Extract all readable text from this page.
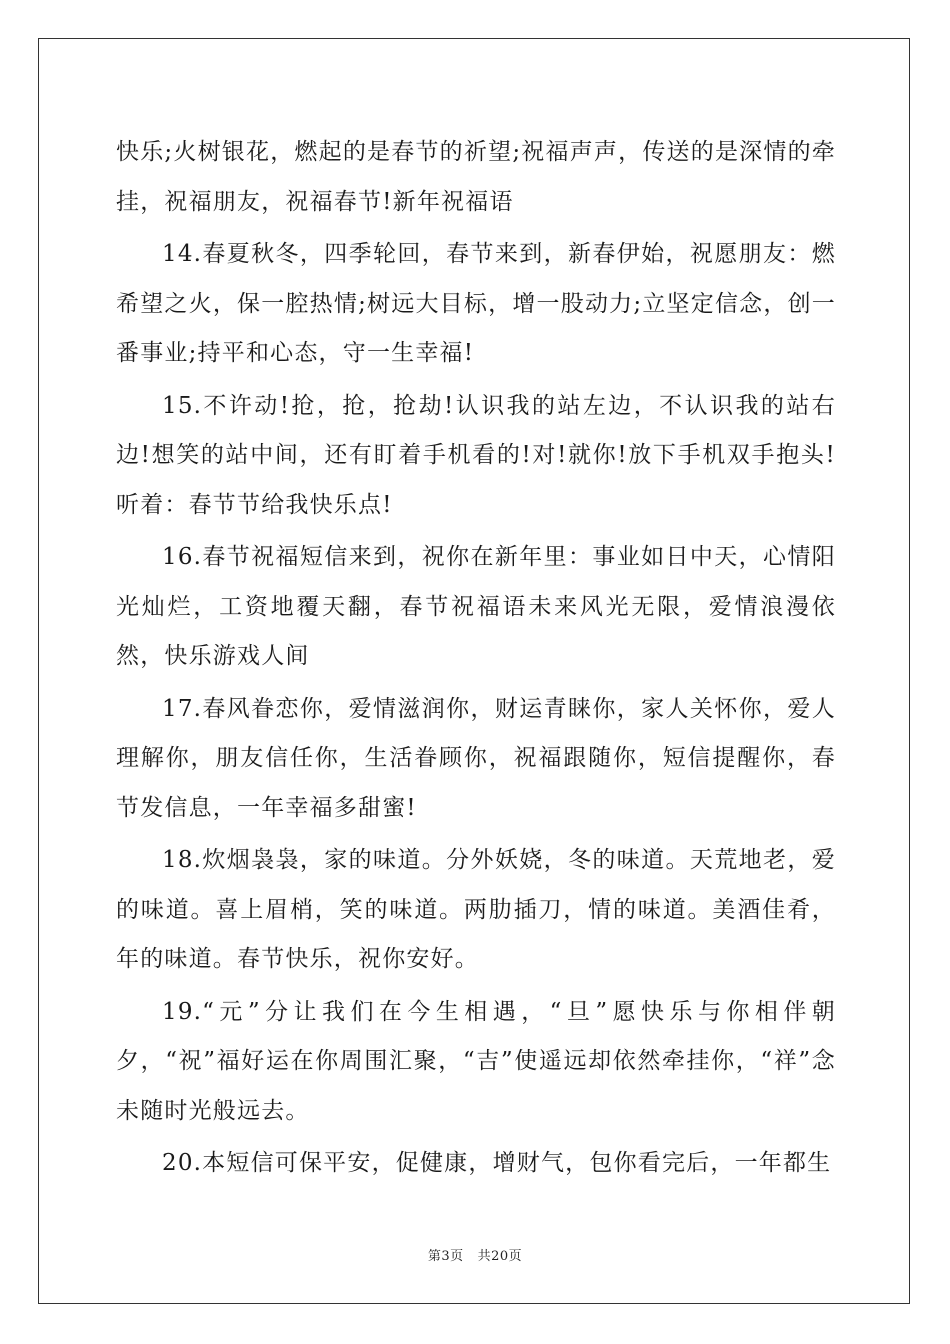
快乐;火树银花，燃起的是春节的祈望;祝福声声，传送的是深情的牵挂，祝福朋友，祝福春节!新年祝福语

14.春夏秋冬，四季轮回，春节来到，新春伊始，祝愿朋友：燃希望之火，保一腔热情;树远大目标，增一股动力;立坚定信念，创一番事业;持平和心态，守一生幸福!

15.不许动!抢，抢，抢劫!认识我的站左边，不认识我的站右边!想笑的站中间，还有盯着手机看的!对!就你!放下手机双手抱头!听着：春节节给我快乐点!

16.春节祝福短信来到，祝你在新年里：事业如日中天，心情阳光灿烂，工资地覆天翻，春节祝福语未来风光无限，爱情浪漫依然，快乐游戏人间

17.春风眷恋你，爱情滋润你，财运青睐你，家人关怀你，爱人理解你，朋友信任你，生活眷顾你，祝福跟随你，短信提醒你，春节发信息，一年幸福多甜蜜!

18.炊烟袅袅，家的味道。分外妖娆，冬的味道。天荒地老，爱的味道。喜上眉梢，笑的味道。两肋插刀，情的味道。美酒佳肴，年的味道。春节快乐，祝你安好。

19.“元”分让我们在今生相遇，“旦”愿快乐与你相伴朝夕，“祝”福好运在你周围汇聚，“吉”使遥远却依然牵挂你，“祥”念未随时光般远去。

20.本短信可保平安，促健康，增财气，包你看完后，一年都生

第3页 共20页
